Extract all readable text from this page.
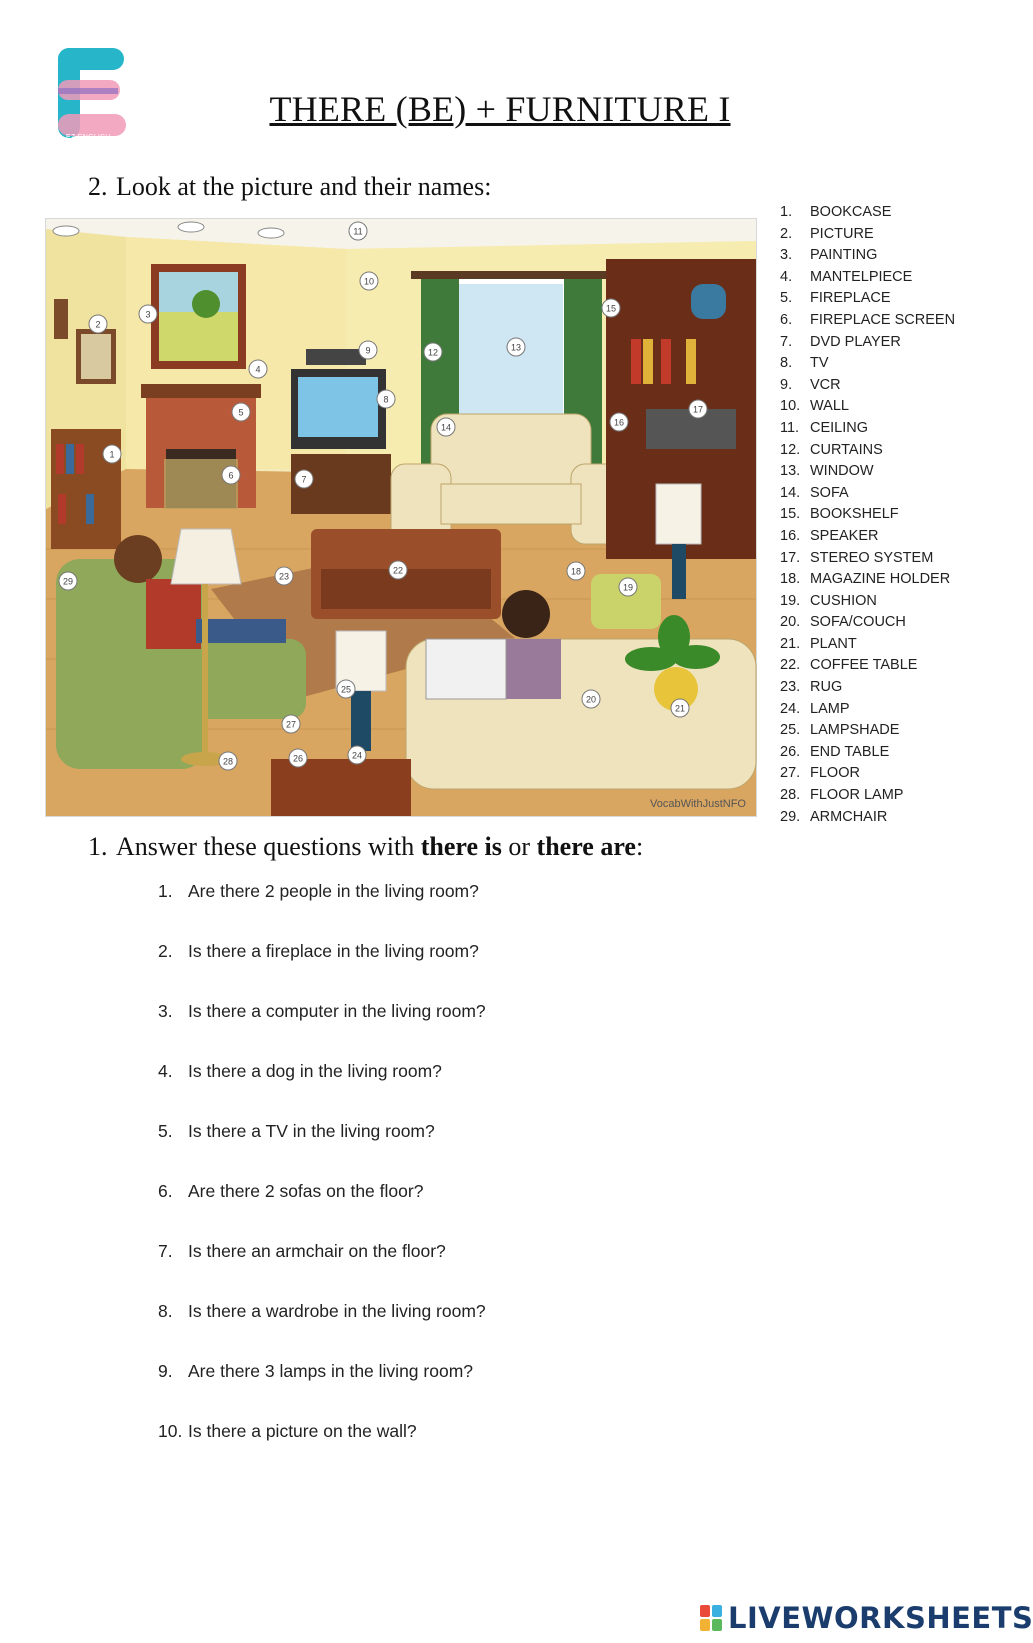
EZ ENGLISH
THERE (BE) + FURNITURE I
2. Look at the picture and their names:
1
2
3
4
5
6	7
8
9
10
11
12	13
14
15
16
17
18
19
20
21
22
23
24
25
26
27
28
29
VocabWithJustNFO
1. BOOKCASE
2. PICTURE
3. PAINTING
4. MANTELPIECE
5. FIREPLACE
6. FIREPLACE SCREEN
7. DVD PLAYER
8. TV
9. VCR
10. WALL
11. CEILING
12. CURTAINS
13. WINDOW
14. SOFA
15. BOOKSHELF
16. SPEAKER
17. STEREO SYSTEM
18. MAGAZINE HOLDER
19. CUSHION
20. SOFA/COUCH
21. PLANT
22. COFFEE TABLE
23. RUG
24. LAMP
25. LAMPSHADE
26. END TABLE
27. FLOOR
28. FLOOR LAMP
29. ARMCHAIR
1. Answer these questions with there is or there are:
1. Are there 2 people in the living room?
2. Is there a fireplace in the living room?
3. Is there a computer in the living room?
4. Is there a dog in the living room?
5. Is there a TV in the living room?
6. Are there 2 sofas on the floor?
7. Is there an armchair on the floor?
8. Is there a wardrobe in the living room?
9. Are there 3 lamps in the living room?
10. Is there a picture on the wall?
LIVEWORKSHEETS
